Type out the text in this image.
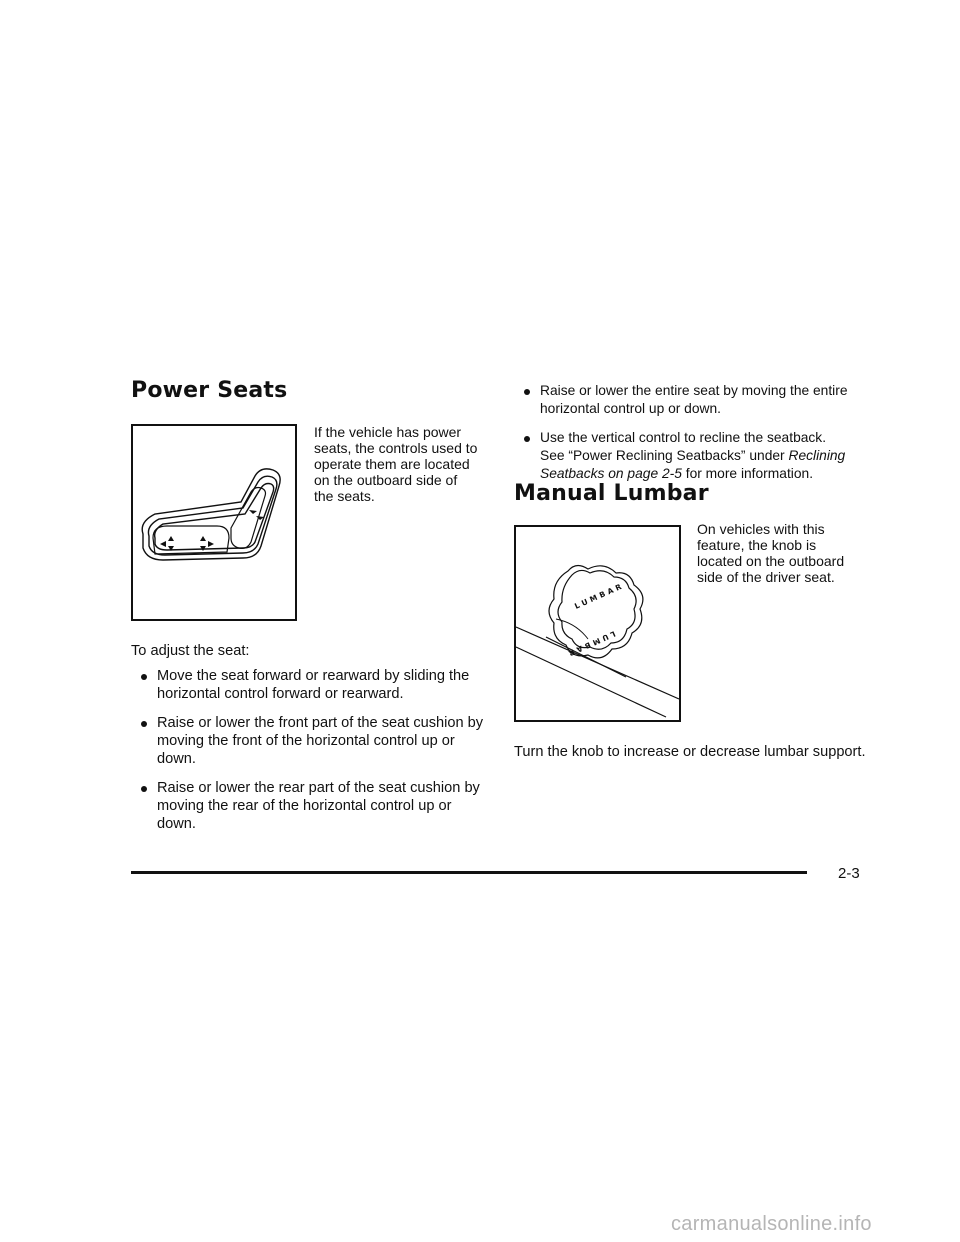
Power Seats
If the vehicle has power
seats, the controls used to
operate them are located
on the outboard side of
the seats.
To adjust the seat:
Move the seat forward or rearward by sliding the
horizontal control forward or rearward.
Raise or lower the front part of the seat cushion by
moving the front of the horizontal control up or down.
Raise or lower the rear part of the seat cushion by
moving the rear of the horizontal control up or down.
Raise or lower the entire seat by moving the entire
horizontal control up or down.
Use the vertical control to recline the seatback.
See “Power Reclining Seatbacks” under Reclining
Seatbacks on page 2-5 for more information.
Manual Lumbar
LUMBAR
LUMBAR
On vehicles with this
feature, the knob is
located on the outboard
side of the driver seat.
Turn the knob to increase or decrease lumbar support.
2-3
carmanualsonline.info
